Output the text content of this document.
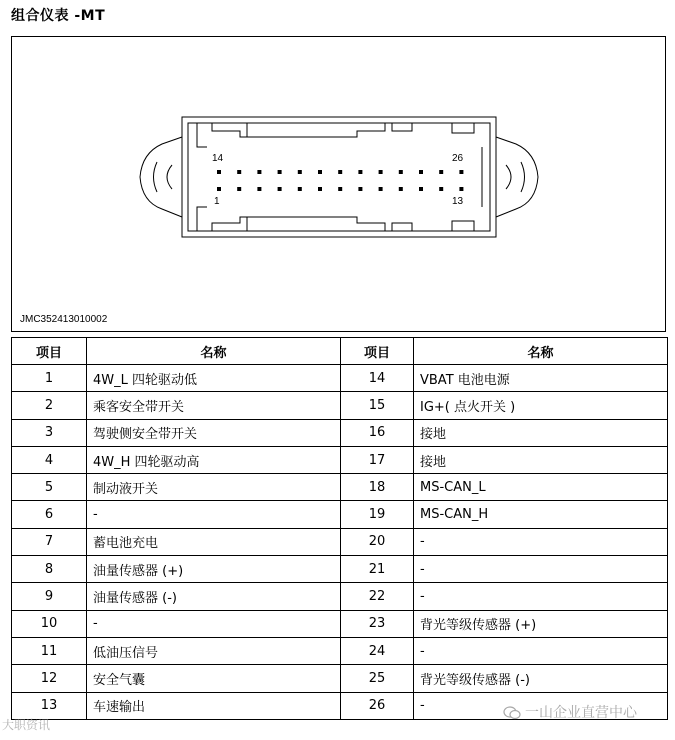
组合仪表 -MT
14	26
1	13
JMC352413010002
项目	名称	项目	名称
1	4W_L 四轮驱动低	14	VBAT 电池电源
2	乘客安全带开关	15	IG+( 点火开关 )
3	驾驶侧安全带开关	16	接地
4	4W_H 四轮驱动高	17	接地
5	制动液开关	18	MS-CAN_L
6	-	19	MS-CAN_H
7	蓄电池充电	20	-
8	油量传感器 (+)	21	-
9	油量传感器 (-)	22	-
10	-	23	背光等级传感器 (+)
11	低油压信号	24	-
12	安全气囊	25	背光等级传感器 (-)
13	车速输出	26	-
大职资讯
一山企业直营中心
